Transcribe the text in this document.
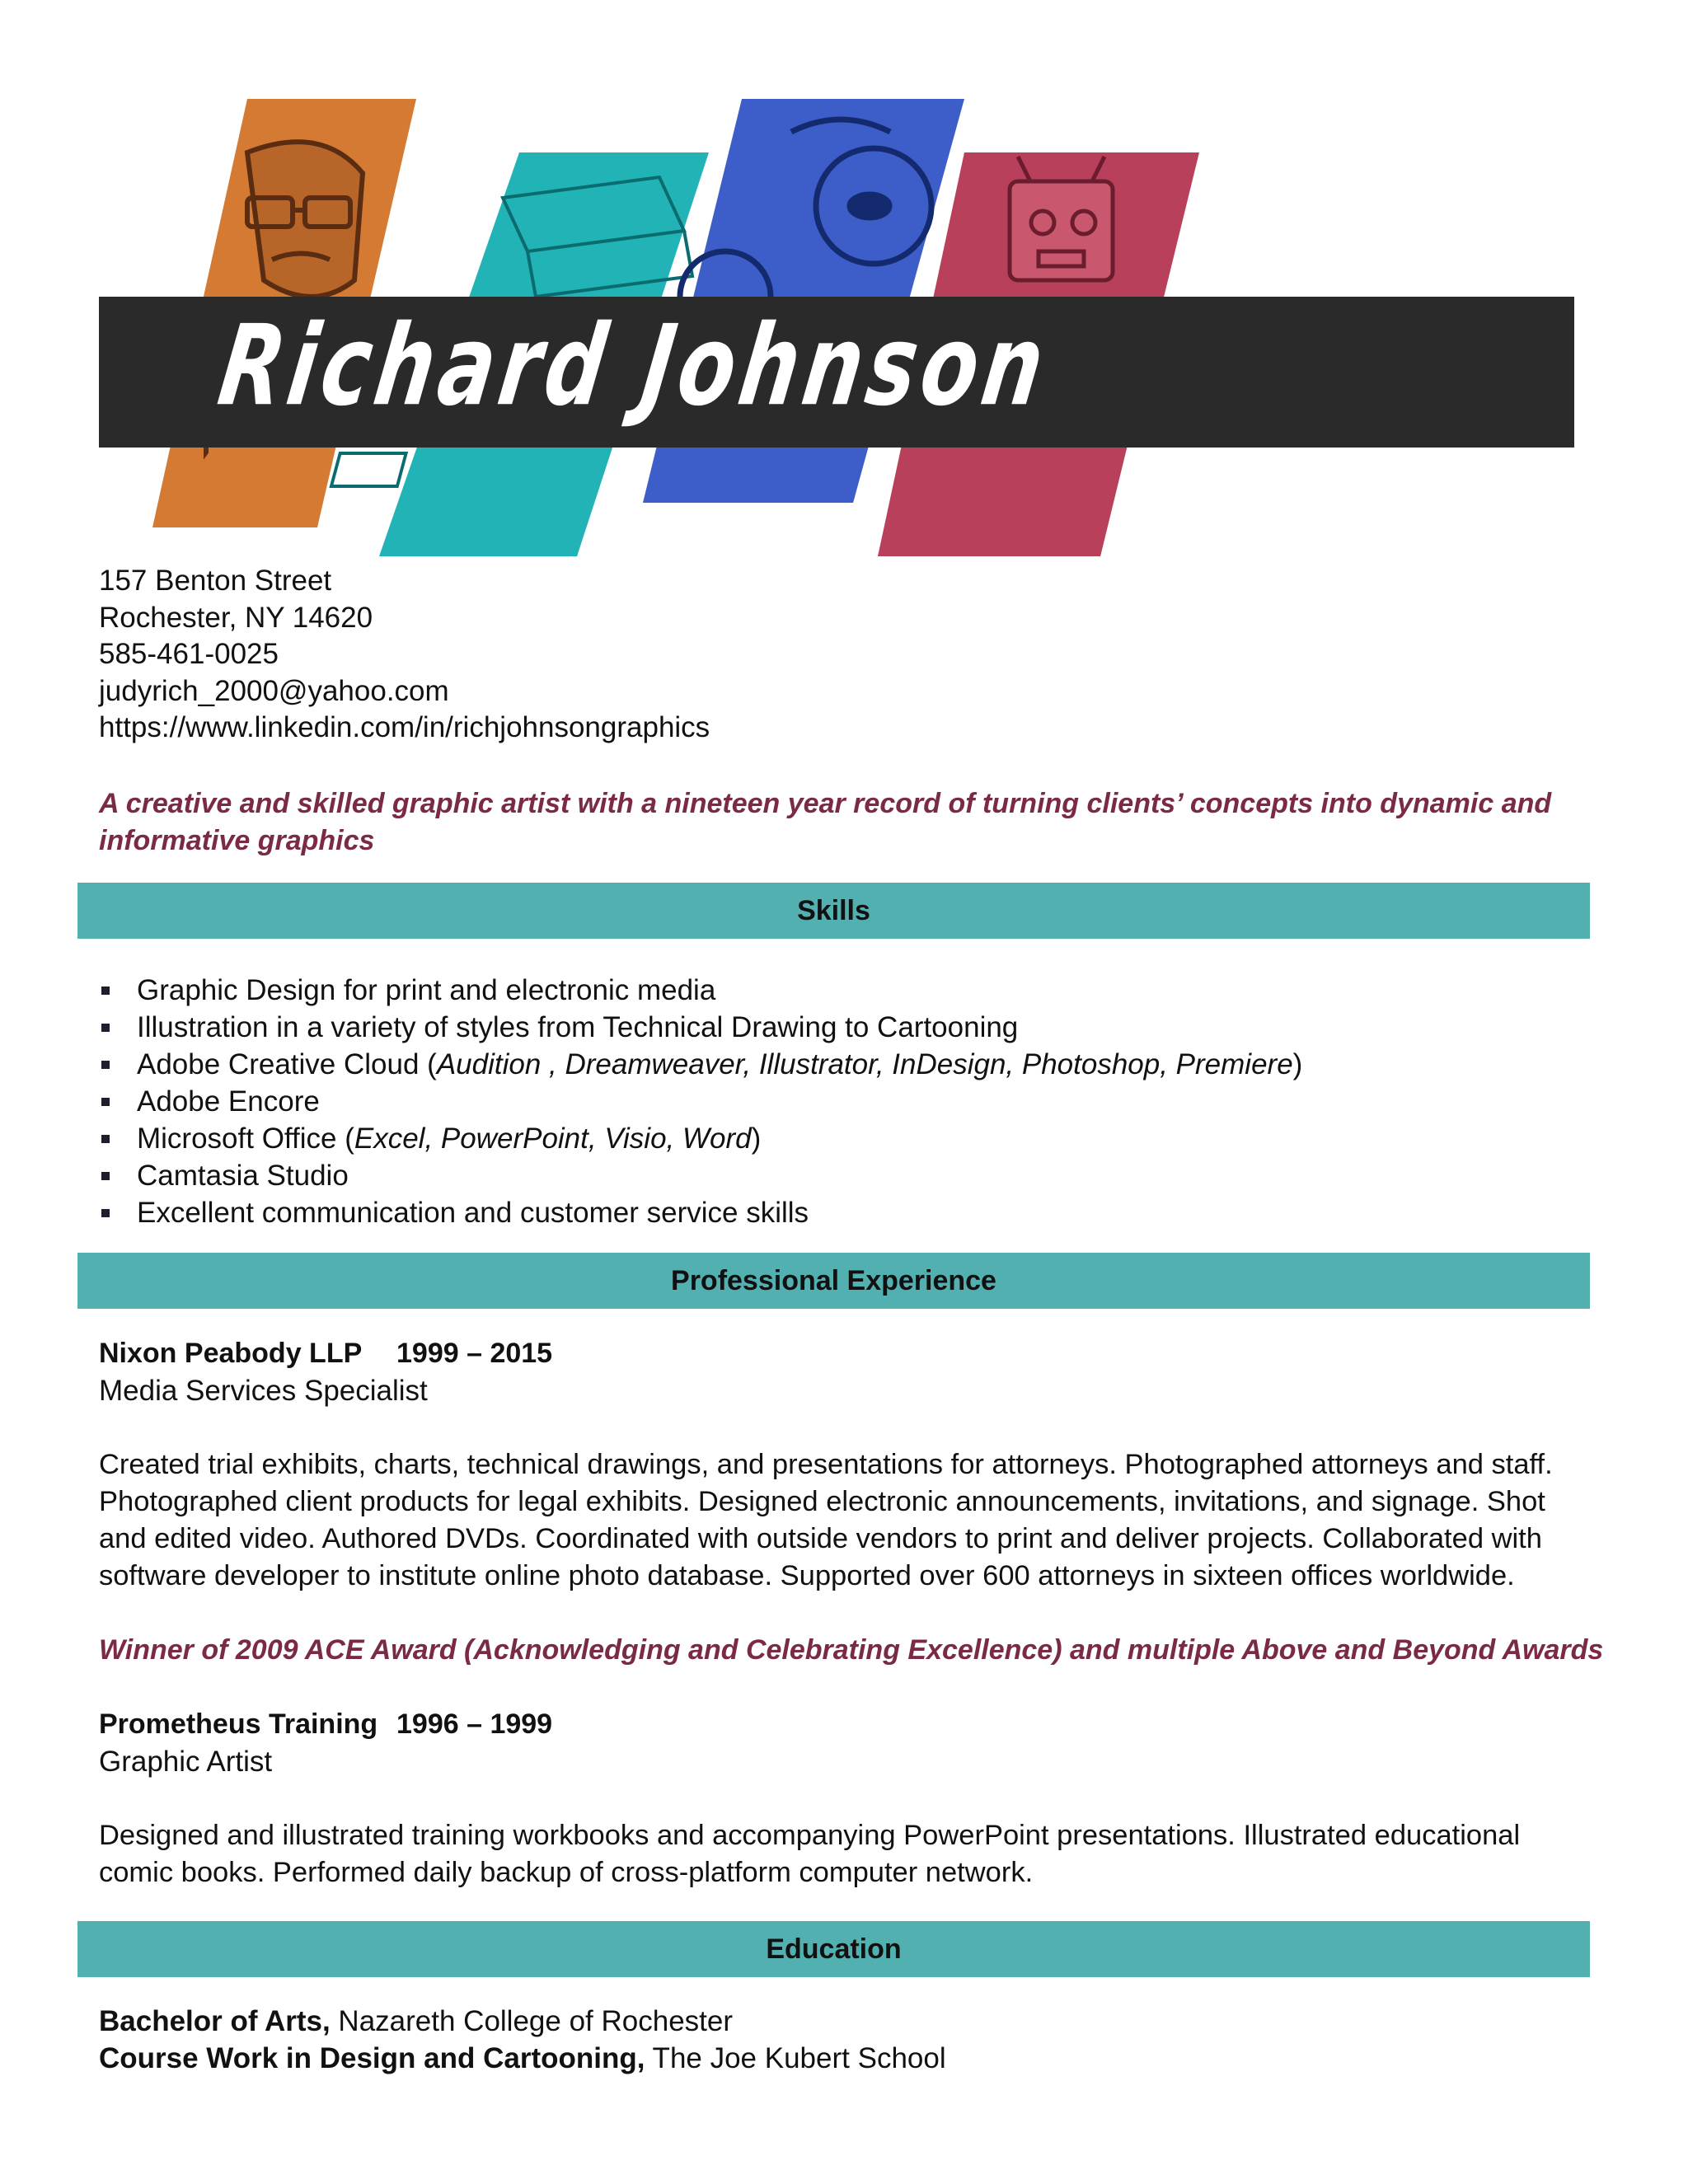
Richard Johnson
157 Benton Street
Rochester, NY 14620
585-461-0025
judyrich_2000@yahoo.com
https://www.linkedin.com/in/richjohnsongraphics
A creative and skilled graphic artist with a nineteen year record of turning clients’ concepts into dynamic and informative graphics
Skills
Graphic Design for print and electronic media
Illustration in a variety of styles from Technical Drawing to Cartooning
Adobe Creative Cloud (Audition , Dreamweaver, Illustrator, InDesign, Photoshop, Premiere)
Adobe Encore
Microsoft Office (Excel, PowerPoint, Visio, Word)
Camtasia Studio
Excellent communication and customer service skills
Professional Experience
Nixon Peabody LLP 1999 – 2015
Media Services Specialist
Created trial exhibits, charts, technical drawings, and presentations for attorneys. Photographed attorneys and staff. Photographed client products for legal exhibits. Designed electronic announcements, invitations, and signage. Shot and edited video. Authored DVDs. Coordinated with outside vendors to print and deliver projects. Collaborated with software developer to institute online photo database. Supported over 600 attorneys in sixteen offices worldwide.
Winner of 2009 ACE Award (Acknowledging and Celebrating Excellence) and multiple Above and Beyond Awards
Prometheus Training 1996 – 1999
Graphic Artist
Designed and illustrated training workbooks and accompanying PowerPoint presentations. Illustrated educational comic books. Performed daily backup of cross-platform computer network.
Education
Bachelor of Arts, Nazareth College of Rochester
Course Work in Design and Cartooning, The Joe Kubert School
